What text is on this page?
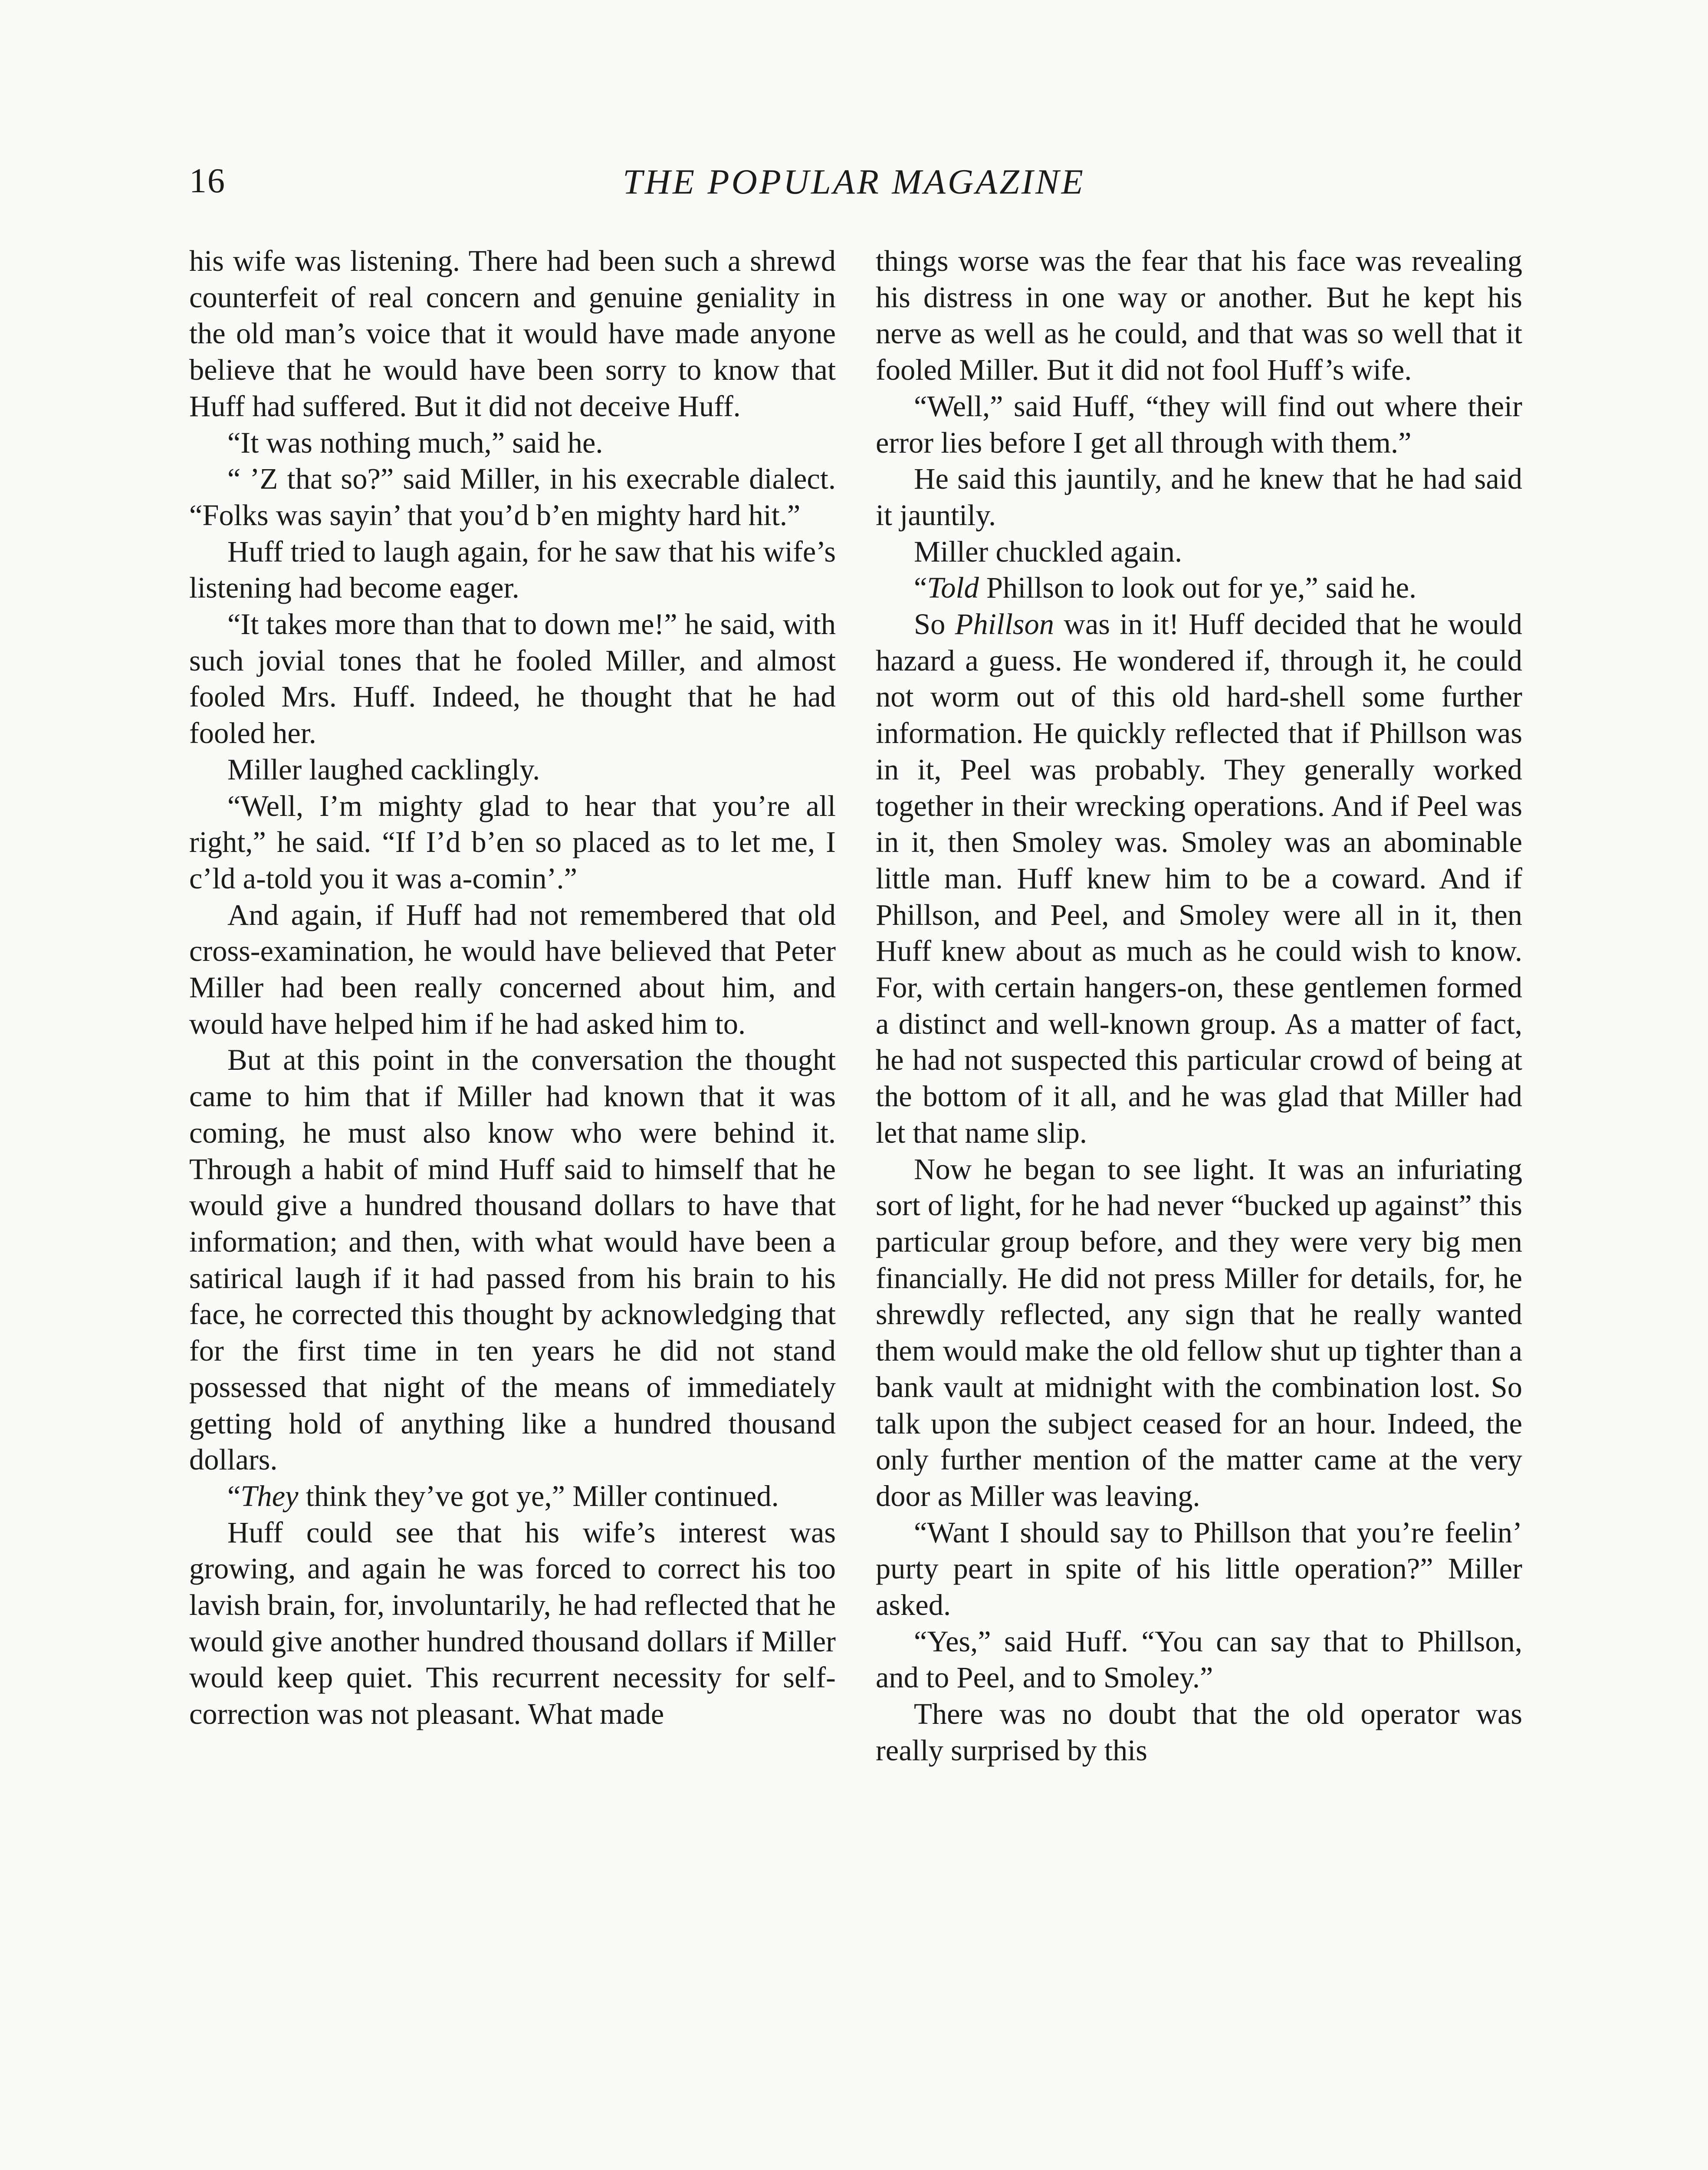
16	THE POPULAR MAGAZINE

his wife was listening. There had been such a shrewd counterfeit of real concern and genuine geniality in the old man’s voice that it would have made anyone believe that he would have been sorry to know that Huff had suffered. But it did not deceive Huff.

“It was nothing much,” said he.

“ ’Z that so?” said Miller, in his execrable dialect. “Folks was sayin’ that you’d b’en mighty hard hit.”

Huff tried to laugh again, for he saw that his wife’s listening had become eager.

“It takes more than that to down me!” he said, with such jovial tones that he fooled Miller, and almost fooled Mrs. Huff. Indeed, he thought that he had fooled her.

Miller laughed cacklingly.

“Well, I’m mighty glad to hear that you’re all right,” he said. “If I’d b’en so placed as to let me, I c’ld a-told you it was a-comin’.”

And again, if Huff had not remembered that old cross-examination, he would have believed that Peter Miller had been really concerned about him, and would have helped him if he had asked him to.

But at this point in the conversation the thought came to him that if Miller had known that it was coming, he must also know who were behind it. Through a habit of mind Huff said to himself that he would give a hundred thousand dollars to have that information; and then, with what would have been a satirical laugh if it had passed from his brain to his face, he corrected this thought by acknowledging that for the first time in ten years he did not stand possessed that night of the means of immediately getting hold of anything like a hundred thousand dollars.

“They think they’ve got ye,” Miller continued.

Huff could see that his wife’s interest was growing, and again he was forced to correct his too lavish brain, for, involuntarily, he had reflected that he would give another hundred thousand dollars if Miller would keep quiet. This recurrent necessity for self-correction was not pleasant. What made

things worse was the fear that his face was revealing his distress in one way or another. But he kept his nerve as well as he could, and that was so well that it fooled Miller. But it did not fool Huff’s wife.

“Well,” said Huff, “they will find out where their error lies before I get all through with them.”

He said this jauntily, and he knew that he had said it jauntily.

Miller chuckled again.

“Told Phillson to look out for ye,” said he.

So Phillson was in it! Huff decided that he would hazard a guess. He wondered if, through it, he could not worm out of this old hard-shell some further information. He quickly reflected that if Phillson was in it, Peel was probably. They generally worked together in their wrecking operations. And if Peel was in it, then Smoley was. Smoley was an abominable little man. Huff knew him to be a coward. And if Phillson, and Peel, and Smoley were all in it, then Huff knew about as much as he could wish to know. For, with certain hangers-on, these gentlemen formed a distinct and well-known group. As a matter of fact, he had not suspected this particular crowd of being at the bottom of it all, and he was glad that Miller had let that name slip.

Now he began to see light. It was an infuriating sort of light, for he had never “bucked up against” this particular group before, and they were very big men financially. He did not press Miller for details, for, he shrewdly reflected, any sign that he really wanted them would make the old fellow shut up tighter than a bank vault at midnight with the combination lost. So talk upon the subject ceased for an hour. Indeed, the only further mention of the matter came at the very door as Miller was leaving.

“Want I should say to Phillson that you’re feelin’ purty peart in spite of his little operation?” Miller asked.

“Yes,” said Huff. “You can say that to Phillson, and to Peel, and to Smoley.”

There was no doubt that the old operator was really surprised by this
